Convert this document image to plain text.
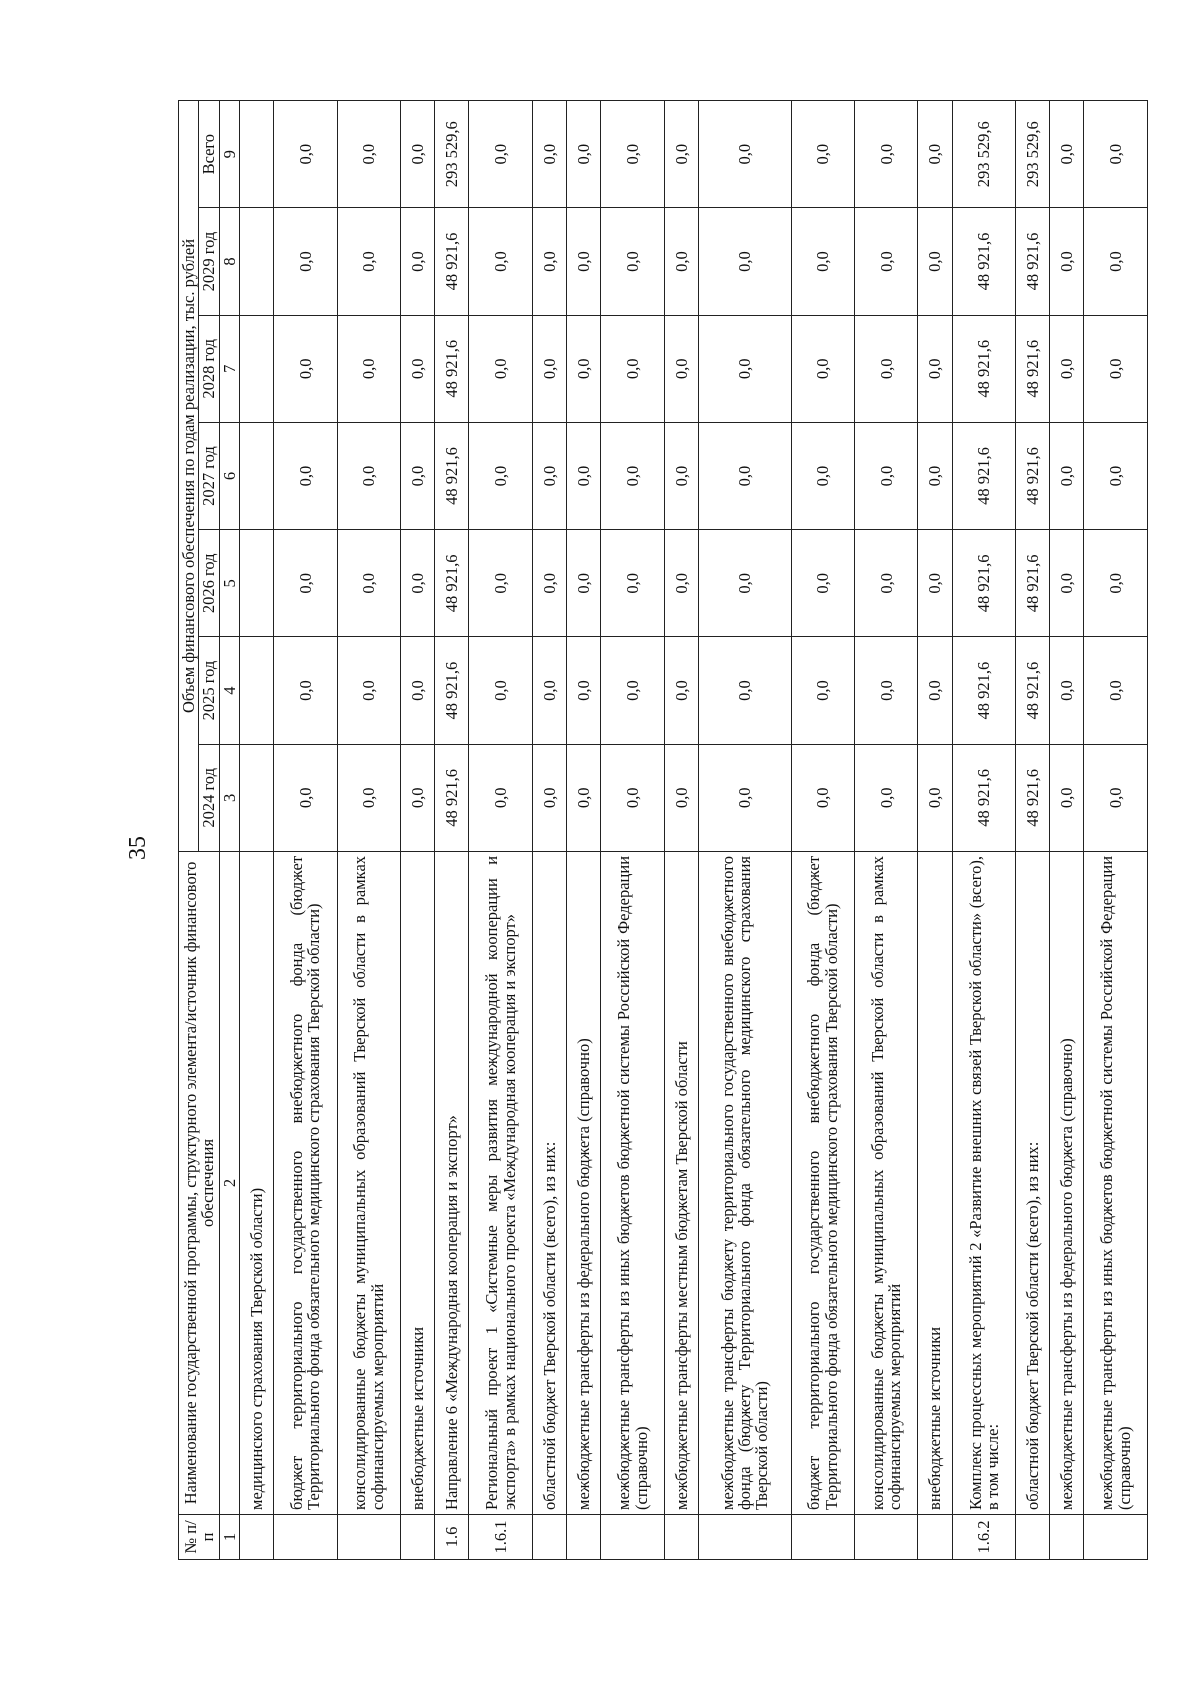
35
№ п/п	Наименование государственной программы, структурного элемента/источник финансового обеспечения	Объем финансового обеспечения по годам реализации, тыс. рублей						
		2024 год	2025 год	2026 год	2027 год	2028 год	2029 год	Всего
1	2	3	4	5	6	7	8	9
	медицинского страхования Тверской области)							
	бюджет территориального государственного внебюджетного фонда (бюджет Территориального фонда обязательного медицинского страхования Тверской области)	0,0	0,0	0,0	0,0	0,0	0,0	0,0
	консолидированные бюджеты муниципальных образований Тверской области в рамках софинансируемых мероприятий	0,0	0,0	0,0	0,0	0,0	0,0	0,0
	внебюджетные источники	0,0	0,0	0,0	0,0	0,0	0,0	0,0
1.6	Направление 6 «Международная кооперация и экспорт»	48 921,6	48 921,6	48 921,6	48 921,6	48 921,6	48 921,6	293 529,6
1.6.1	Региональный проект 1 «Системные меры развития международной кооперации и экспорта» в рамках национального проекта «Международная кооперация и экспорт»	0,0	0,0	0,0	0,0	0,0	0,0	0,0
	областной бюджет Тверской области (всего), из них:	0,0	0,0	0,0	0,0	0,0	0,0	0,0
	межбюджетные трансферты из федерального бюджета (справочно)	0,0	0,0	0,0	0,0	0,0	0,0	0,0
	межбюджетные трансферты из иных бюджетов бюджетной системы Российской Федерации (справочно)	0,0	0,0	0,0	0,0	0,0	0,0	0,0
	межбюджетные трансферты местным бюджетам Тверской области	0,0	0,0	0,0	0,0	0,0	0,0	0,0
	межбюджетные трансферты бюджету территориального государственного внебюджетного фонда (бюджету Территориального фонда обязательного медицинского страхования Тверской области)	0,0	0,0	0,0	0,0	0,0	0,0	0,0
	бюджет территориального государственного внебюджетного фонда (бюджет Территориального фонда обязательного медицинского страхования Тверской области)	0,0	0,0	0,0	0,0	0,0	0,0	0,0
	консолидированные бюджеты муниципальных образований Тверской области в рамках софинансируемых мероприятий	0,0	0,0	0,0	0,0	0,0	0,0	0,0
	внебюджетные источники	0,0	0,0	0,0	0,0	0,0	0,0	0,0
1.6.2	Комплекс процессных мероприятий 2 «Развитие внешних связей Тверской области» (всего), в том числе:	48 921,6	48 921,6	48 921,6	48 921,6	48 921,6	48 921,6	293 529,6
	областной бюджет Тверской области (всего), из них:	48 921,6	48 921,6	48 921,6	48 921,6	48 921,6	48 921,6	293 529,6
	межбюджетные трансферты из федерального бюджета (справочно)	0,0	0,0	0,0	0,0	0,0	0,0	0,0
	межбюджетные трансферты из иных бюджетов бюджетной системы Российской Федерации (справочно)	0,0	0,0	0,0	0,0	0,0	0,0	0,0
